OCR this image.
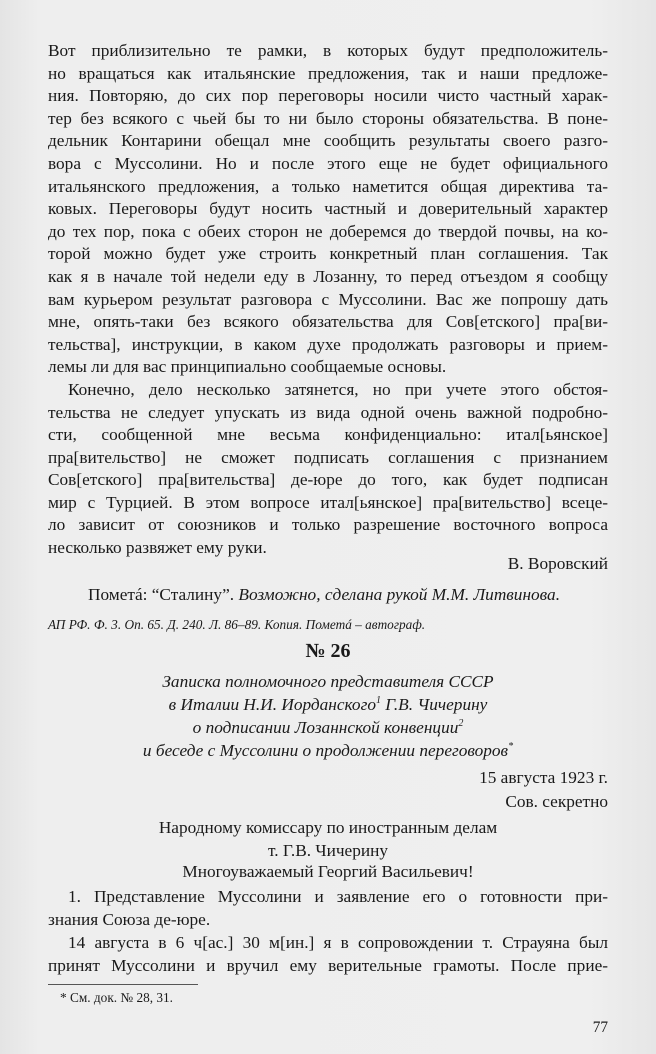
Вот приблизительно те рамки, в которых будут предположитель-
но вращаться как итальянские предложения, так и наши предложе-
ния. Повторяю, до сих пор переговоры носили чисто частный харак-
тер без всякого с чьей бы то ни было стороны обязательства. В поне-
дельник Контарини обещал мне сообщить результаты своего разго-
вора с Муссолини. Но и после этого еще не будет официального
итальянского предложения, а только наметится общая директива та-
ковых. Переговоры будут носить частный и доверительный характер
до тех пор, пока с обеих сторон не доберемся до твердой почвы, на ко-
торой можно будет уже строить конкретный план соглашения. Так
как я в начале той недели еду в Лозанну, то перед отъездом я сообщу
вам курьером результат разговора с Муссолини. Вас же попрошу дать
мне, опять-таки без всякого обязательства для Сов[етского] пра[ви-
тельства], инструкции, в каком духе продолжать разговоры и прием-
лемы ли для вас принципиально сообщаемые основы.

Конечно, дело несколько затянется, но при учете этого обстоя-
тельства не следует упускать из вида одной очень важной подробно-
сти, сообщенной мне весьма конфиденциально: итал[ьянское]
пра[вительство] не сможет подписать соглашения с признанием
Сов[етского] пра[вительства] де-юре до того, как будет подписан
мир с Турцией. В этом вопросе итал[ьянское] пра[вительство] всеце-
ло зависит от союзников и только разрешение восточного вопроса
несколько развяжет ему руки.

В. Воровский
Пометá: “Сталину”. Возможно, сделана рукой М.М. Литвинова.
АП РФ. Ф. 3. Оп. 65. Д. 240. Л. 86–89. Копия. Пометá – автограф.
№ 26
Записка полномочного представителя СССР
в Италии Н.И. Иорданского$^1$ Г.В. Чичерину
о подписании Лозаннской конвенции$^2$
и беседе с Муссолини о продолжении переговоров*
15 августа 1923 г.
Сов. секретно
Народному комиссару по иностранным делам
т. Г.В. Чичерину
Многоуважаемый Георгий Васильевич!
1. Представление Муссолини и заявление его о готовности при-
знания Союза де-юре.
14 августа в 6 ч[ас.] 30 м[ин.] я в сопровождении т. Страуяна был
принят Муссолини и вручил ему верительные грамоты. После прие-
* См. док. № 28, 31.
77
